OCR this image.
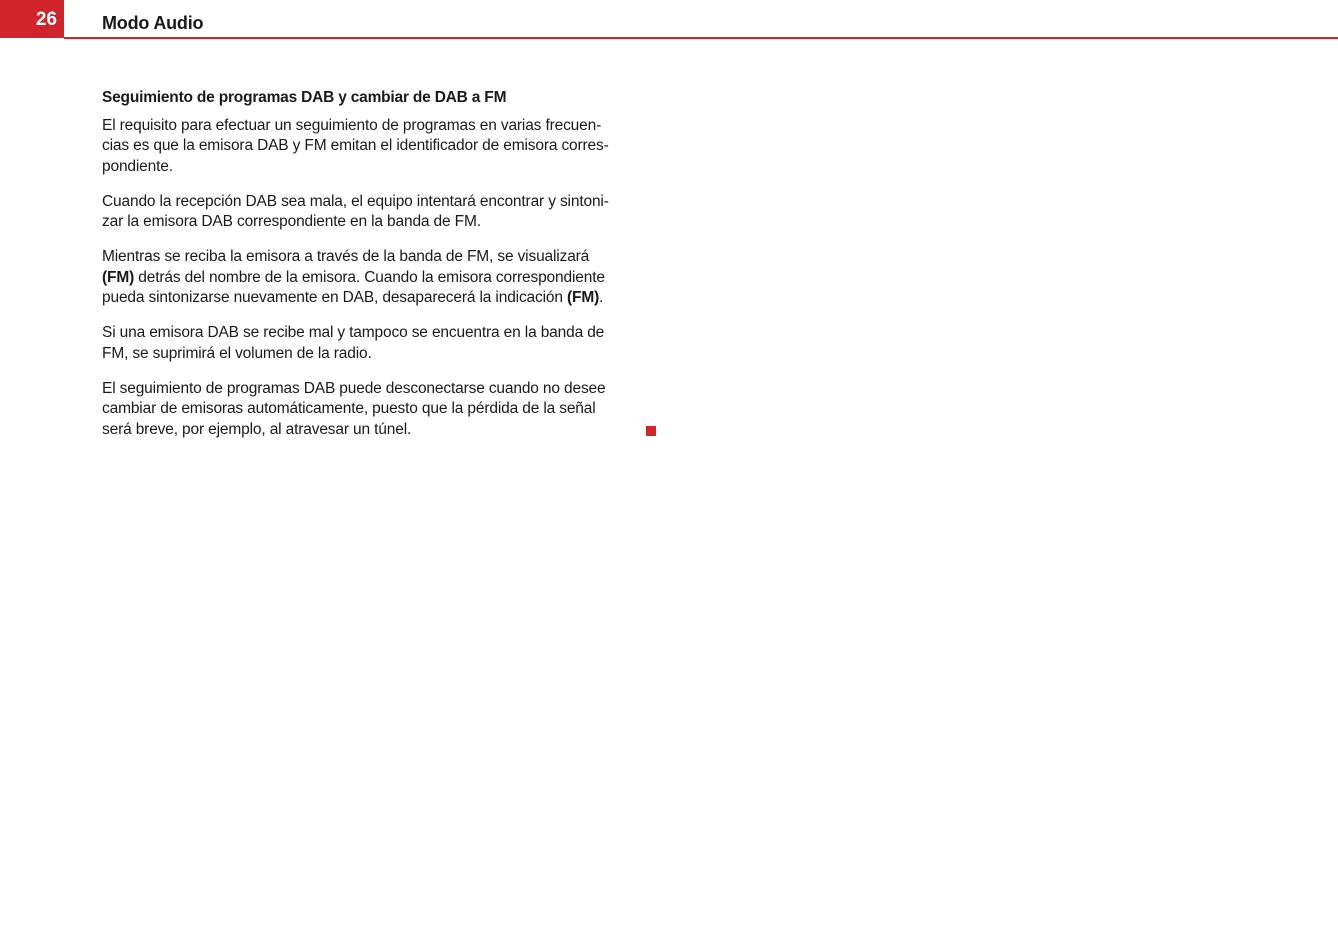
26	Modo Audio
Seguimiento de programas DAB y cambiar de DAB a FM
El requisito para efectuar un seguimiento de programas en varias frecuen-
cias es que la emisora DAB y FM emitan el identificador de emisora corres-
pondiente.
Cuando la recepción DAB sea mala, el equipo intentará encontrar y sintoni-
zar la emisora DAB correspondiente en la banda de FM.
Mientras se reciba la emisora a través de la banda de FM, se visualizará
(FM) detrás del nombre de la emisora. Cuando la emisora correspondiente
pueda sintonizarse nuevamente en DAB, desaparecerá la indicación (FM).
Si una emisora DAB se recibe mal y tampoco se encuentra en la banda de
FM, se suprimirá el volumen de la radio.
El seguimiento de programas DAB puede desconectarse cuando no desee
cambiar de emisoras automáticamente, puesto que la pérdida de la señal
será breve, por ejemplo, al atravesar un túnel.
